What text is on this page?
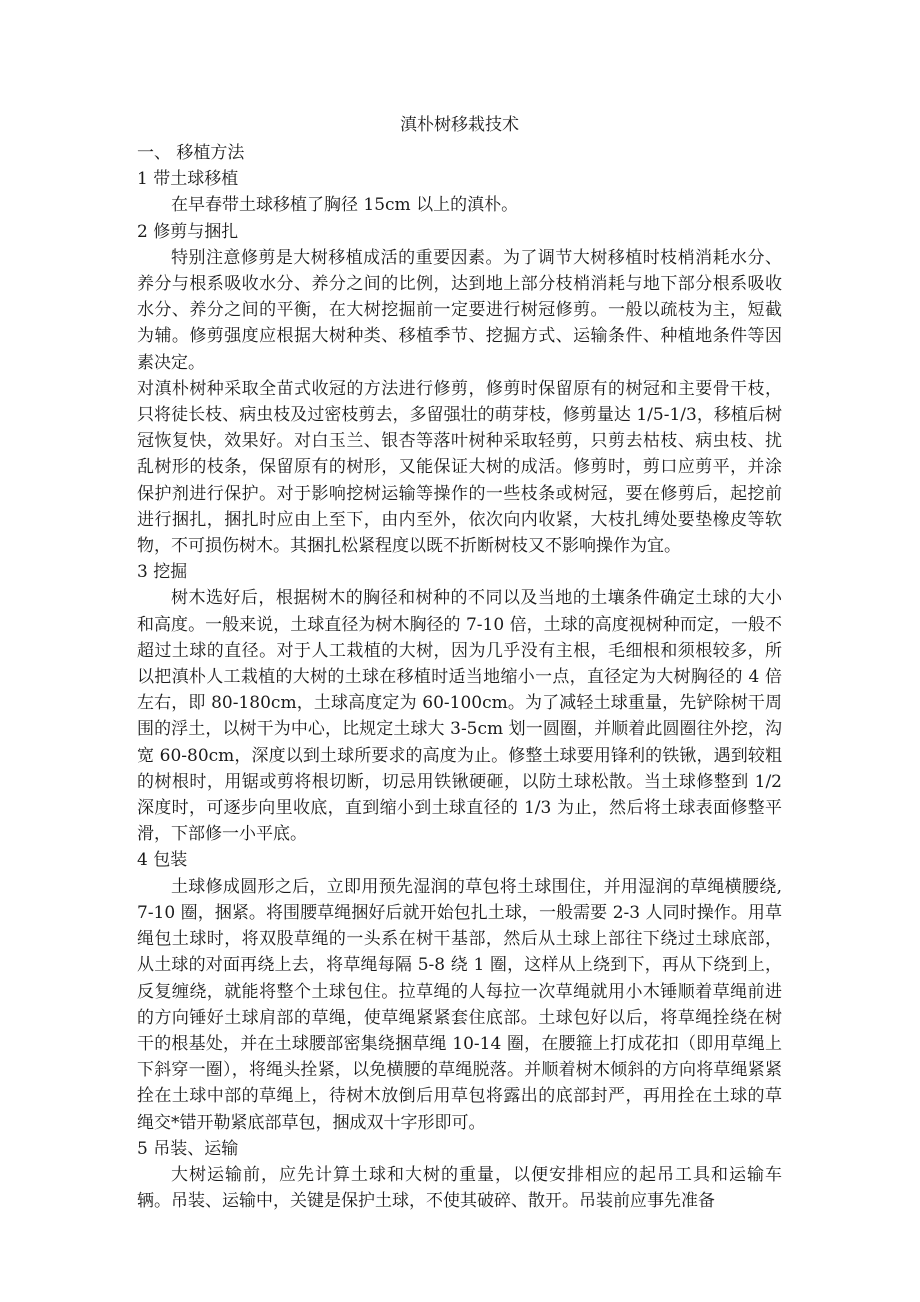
滇朴树移栽技术

一、 移植方法

1 带土球移植

在早春带土球移植了胸径 15cm 以上的滇朴。

2 修剪与捆扎

特别注意修剪是大树移植成活的重要因素。为了调节大树移植时枝梢消耗水分、养分与根系吸收水分、养分之间的比例，达到地上部分枝梢消耗与地下部分根系吸收水分、养分之间的平衡，在大树挖掘前一定要进行树冠修剪。一般以疏枝为主，短截为辅。修剪强度应根据大树种类、移植季节、挖掘方式、运输条件、种植地条件等因素决定。

对滇朴树种采取全苗式收冠的方法进行修剪，修剪时保留原有的树冠和主要骨干枝，只将徒长枝、病虫枝及过密枝剪去，多留强壮的萌芽枝，修剪量达 1/5-1/3，移植后树冠恢复快，效果好。对白玉兰、银杏等落叶树种采取轻剪，只剪去枯枝、病虫枝、扰乱树形的枝条，保留原有的树形，又能保证大树的成活。修剪时，剪口应剪平，并涂保护剂进行保护。对于影响挖树运输等操作的一些枝条或树冠，要在修剪后，起挖前进行捆扎，捆扎时应由上至下，由内至外，依次向内收紧，大枝扎缚处要垫橡皮等软物，不可损伤树木。其捆扎松紧程度以既不折断树枝又不影响操作为宜。

3 挖掘

树木选好后，根据树木的胸径和树种的不同以及当地的土壤条件确定土球的大小和高度。一般来说，土球直径为树木胸径的 7-10 倍，土球的高度视树种而定，一般不超过土球的直径。对于人工栽植的大树，因为几乎没有主根，毛细根和须根较多，所以把滇朴人工栽植的大树的土球在移植时适当地缩小一点，直径定为大树胸径的 4 倍左右，即 80-180cm，土球高度定为 60-100cm。为了减轻土球重量，先铲除树干周围的浮土，以树干为中心，比规定土球大 3-5cm 划一圆圈，并顺着此圆圈往外挖，沟宽 60-80cm，深度以到土球所要求的高度为止。修整土球要用锋利的铁锹，遇到较粗的树根时，用锯或剪将根切断，切忌用铁锹硬砸，以防土球松散。当土球修整到 1/2 深度时，可逐步向里收底，直到缩小到土球直径的 1/3 为止，然后将土球表面修整平滑，下部修一小平底。

4 包装

土球修成圆形之后，立即用预先湿润的草包将土球围住，并用湿润的草绳横腰绕, 7-10 圈，捆紧。将围腰草绳捆好后就开始包扎土球，一般需要 2-3 人同时操作。用草绳包土球时，将双股草绳的一头系在树干基部，然后从土球上部往下绕过土球底部，从土球的对面再绕上去，将草绳每隔 5-8 绕 1 圈，这样从上绕到下，再从下绕到上，反复缠绕，就能将整个土球包住。拉草绳的人每拉一次草绳就用小木锤顺着草绳前进的方向锤好土球肩部的草绳，使草绳紧紧套住底部。土球包好以后，将草绳拴绕在树干的根基处，并在土球腰部密集绕捆草绳 10-14 圈，在腰箍上打成花扣（即用草绳上下斜穿一圈），将绳头拴紧，以免横腰的草绳脱落。并顺着树木倾斜的方向将草绳紧紧拴在土球中部的草绳上，待树木放倒后用草包将露出的底部封严，再用拴在土球的草绳交*错开勒紧底部草包，捆成双十字形即可。

5 吊装、运输

大树运输前，应先计算土球和大树的重量，以便安排相应的起吊工具和运输车辆。吊装、运输中，关键是保护土球，不使其破碎、散开。吊装前应事先准备
